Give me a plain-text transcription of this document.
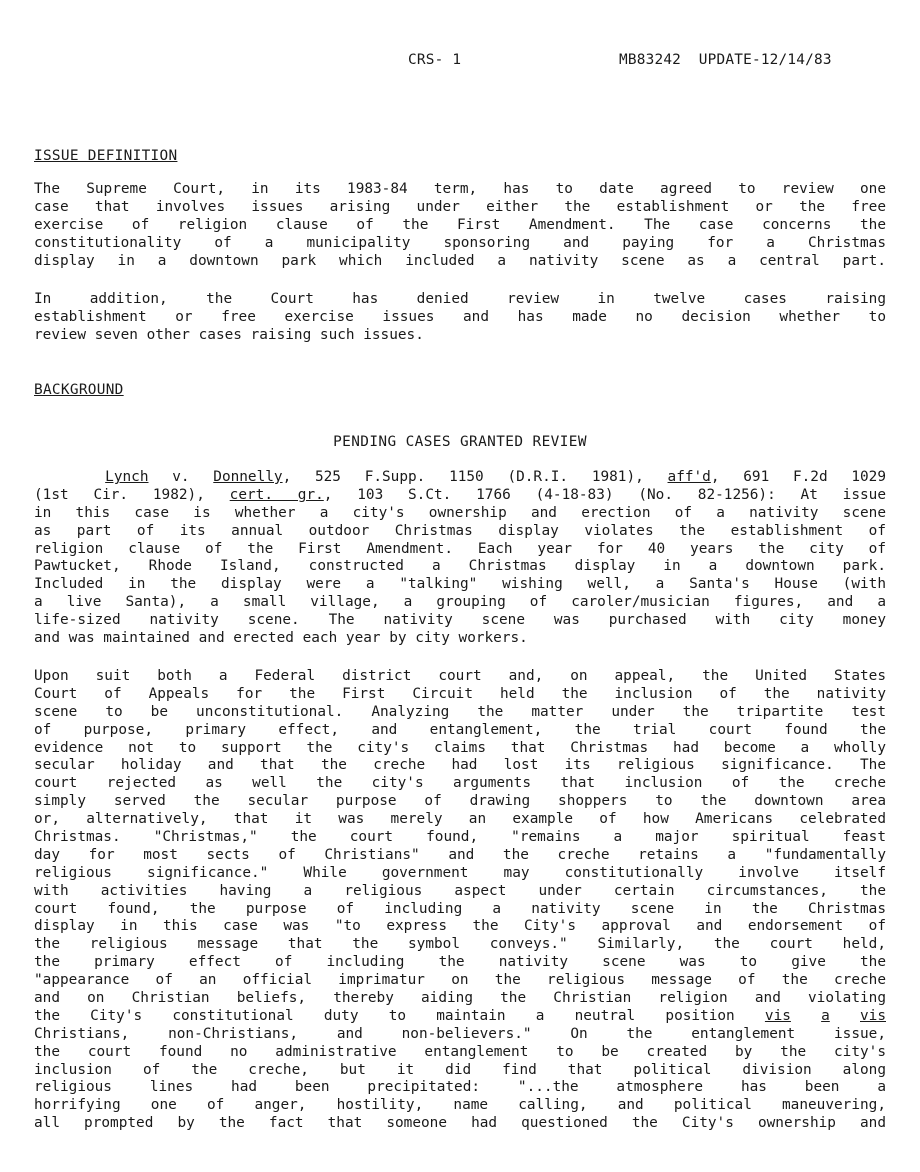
CRS- 1	MB83242  UPDATE-12/14/83
ISSUE DEFINITION
The Supreme Court, in its 1983-84 term, has to date agreed to review one
case that involves issues arising under either the establishment or the free
exercise of religion clause of the First Amendment. The case concerns the
constitutionality of a municipality sponsoring and paying for a Christmas
display in a downtown park which included a nativity scene as a central part.
In addition, the Court has denied review in twelve cases raising
establishment or free exercise issues and has made no decision whether to
review seven other cases raising such issues.
BACKGROUND
PENDING CASES GRANTED REVIEW
Lynch v. Donnelly, 525 F.Supp. 1150 (D.R.I. 1981), aff'd, 691 F.2d 1029
(1st Cir. 1982), cert. gr., 103 S.Ct. 1766 (4-18-83) (No. 82-1256): At issue
in this case is whether a city's ownership and erection of a nativity scene
as part of its annual outdoor Christmas display violates the establishment of
religion clause of the First Amendment. Each year for 40 years the city of
Pawtucket, Rhode Island, constructed a Christmas display in a downtown park.
Included in the display were a "talking" wishing well, a Santa's House (with
a live Santa), a small village, a grouping of caroler/musician figures, and a
life-sized nativity scene. The nativity scene was purchased with city money
and was maintained and erected each year by city workers.
Upon suit both a Federal district court and, on appeal, the United States
Court of Appeals for the First Circuit held the inclusion of the nativity
scene to be unconstitutional. Analyzing the matter under the tripartite test
of purpose, primary effect, and entanglement, the trial court found the
evidence not to support the city's claims that Christmas had become a wholly
secular holiday and that the creche had lost its religious significance. The
court rejected as well the city's arguments that inclusion of the creche
simply served the secular purpose of drawing shoppers to the downtown area
or, alternatively, that it was merely an example of how Americans celebrated
Christmas. "Christmas," the court found, "remains a major spiritual feast
day for most sects of Christians" and the creche retains a "fundamentally
religious significance." While government may constitutionally involve itself
with activities having a religious aspect under certain circumstances, the
court found, the purpose of including a nativity scene in the Christmas
display in this case was "to express the City's approval and endorsement of
the religious message that the symbol conveys." Similarly, the court held,
the primary effect of including the nativity scene was to give the
"appearance of an official imprimatur on the religious message of the creche
and on Christian beliefs, thereby aiding the Christian religion and violating
the City's constitutional duty to maintain a neutral position vis a vis
Christians, non-Christians, and non-believers." On the entanglement issue,
the court found no administrative entanglement to be created by the city's
inclusion of the creche, but it did find that political division along
religious lines had been precipitated: "...the atmosphere has been a
horrifying one of anger, hostility, name calling, and political maneuvering,
all prompted by the fact that someone had questioned the City's ownership and
